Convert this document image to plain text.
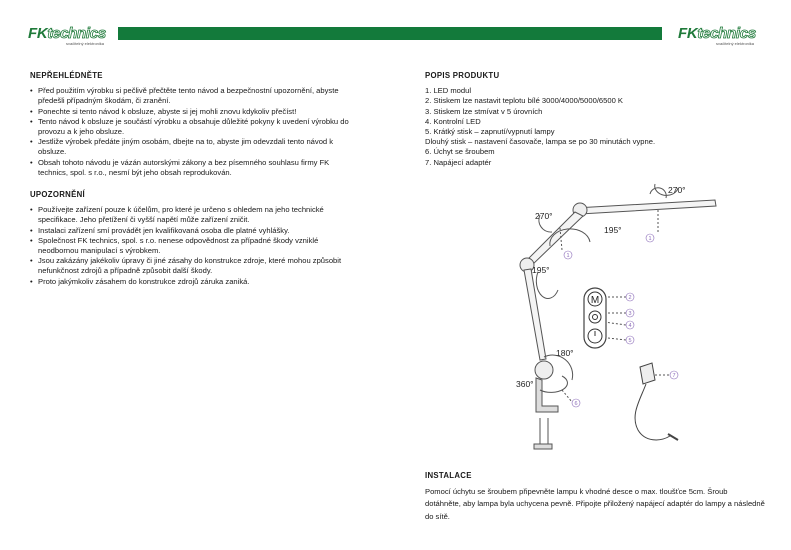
FKtechnics
svačitelný elektronika
FKtechnics
svačitelný elektronika
NEPŘEHLÉDNĚTE
• Před použitím výrobku si pečlivě přečtěte tento návod a bezpečnostní upozornění, abyste předešli případným škodám, či zranění.
• Ponechte si tento návod k obsluze, abyste si jej mohli znovu kdykoliv přečíst!
• Tento návod k obsluze je součástí výrobku a obsahuje důležité pokyny k uvedení výrobku do provozu a k jeho obsluze.
• Jestliže výrobek předáte jiným osobám, dbejte na to, abyste jim odevzdali tento návod k obsluze.
• Obsah tohoto návodu je vázán autorskými zákony a bez písemného souhlasu firmy FK technics, spol. s r.o., nesmí být jeho obsah reprodukován.
UPOZORNĚNÍ
• Používejte zařízení pouze k účelům, pro které je určeno s ohledem na jeho technické specifikace. Jeho přetížení či vyšší napětí může zařízení zničit.
• Instalaci zařízení smí provádět jen kvalifikovaná osoba dle platné vyhlášky.
• Společnost FK technics, spol. s r.o. nenese odpovědnost za případné škody vzniklé neodbornou manipulací s výrobkem.
• Jsou zakázány jakékoliv úpravy či jiné zásahy do konstrukce zdroje, které mohou způsobit nefunkčnost zdrojů a případně způsobit další škody.
• Proto jakýmkoliv zásahem do konstrukce zdrojů záruka zaniká.
POPIS PRODUKTU
1. LED modul
2. Stiskem lze nastavit teplotu bílé 3000/4000/5000/6500 K
3. Stiskem lze stmívat v 5 úrovních
4. Kontrolní LED
5. Krátký stisk – zapnutí/vypnutí lampy
Dlouhý stisk – nastavení časovače, lampa se po 30 minutách vypne.
6. Úchyt se šroubem
7. Napájecí adaptér
M
270°
270°
195°
195°
180°
360°
1
1
2
3
4
5
6
7
INSTALACE

Pomocí úchytu se šroubem připevněte lampu k vhodné desce o max. tloušťce 5cm. Šroub dotáhněte, aby lampa byla uchycena pevně. Připojte přiložený napájecí adaptér do lampy a následně do sítě.
